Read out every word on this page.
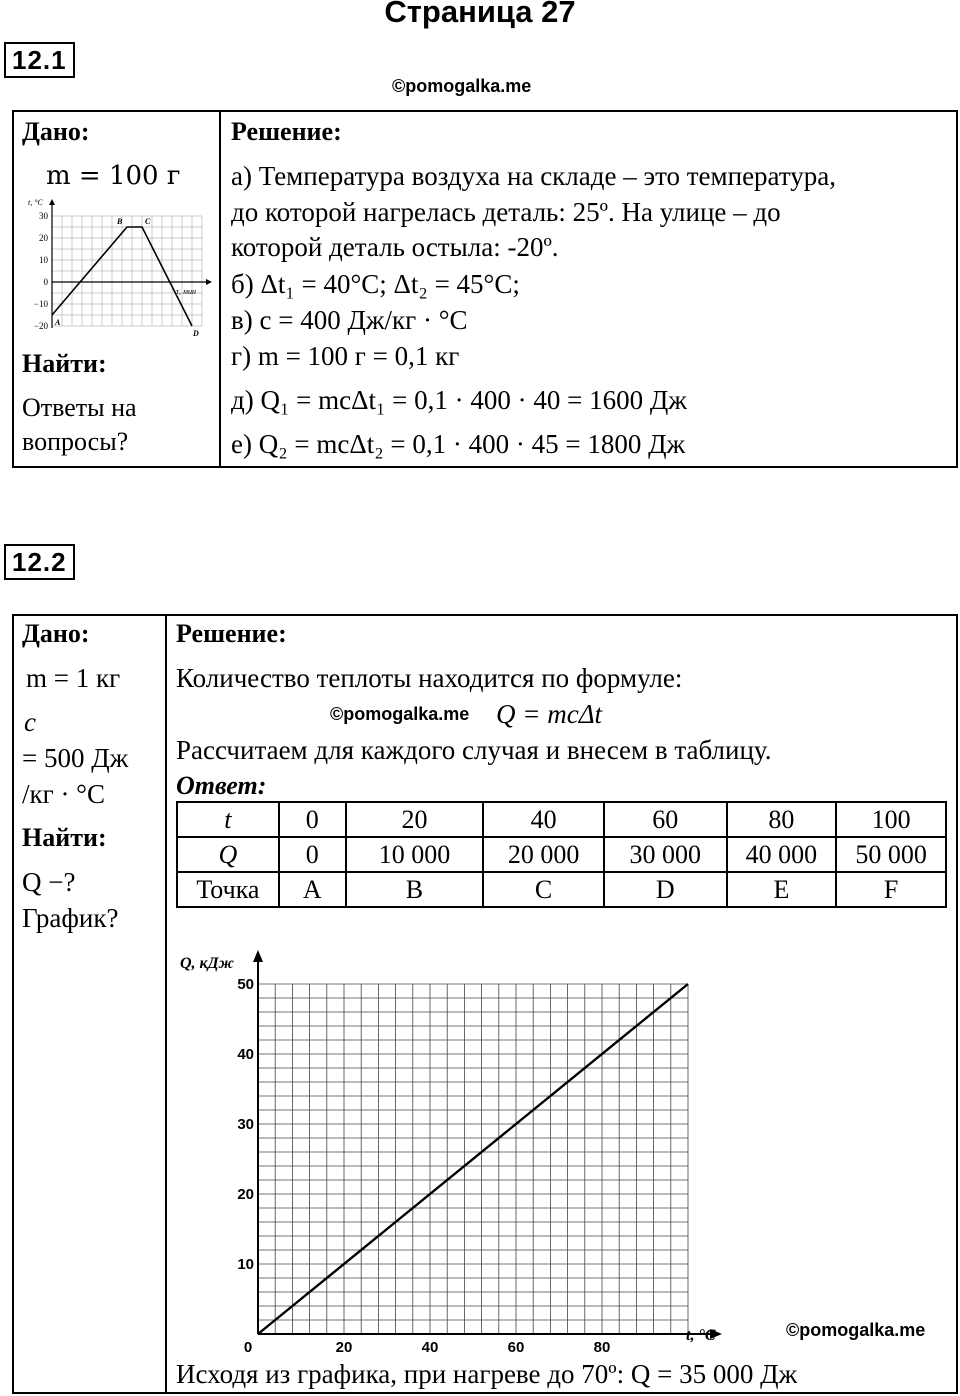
Страница 27
12.1
©pomogalka.me
Дано:
m = 100 г
30
20
10
0
−10
−20 A
B	C
D
t, °C
τ, мин
Найти:
Ответы на
вопросы?
Решение:
а) Температура воздуха на складе – это температура,
до которой нагрелась деталь: 25º. На улице – до
которой деталь остыла: -20º.
б) Δt₁ = 40°C; Δt₂ = 45°C;
в) c = 400 Дж/кг · °C
г) m = 100 г = 0,1 кг
д) Q₁ = mcΔt₁ = 0,1 · 400 · 40 = 1600 Дж
е) Q₂ = mcΔt₂ = 0,1 · 400 · 45 = 1800 Дж
12.2
Дано:
m = 1 кг
c
= 500 Дж
/кг · °C
Найти:
Q −?
График?
Решение:
Количество теплоты находится по формуле:
©pomogalka.me Q = mcΔt
Рассчитаем для каждого случая и внесем в таблицу.
Ответ:
t	0	20	40	60	80	100
Q	0	10 000	20 000	30 000	40 000	50 000
Точка	A	B	C	D	E	F
0	20	40	60	80
10
20
30
40
50
Q, кДж
t, °C	©pomogalka.me
Исходя из графика, при нагреве до 70º: Q = 35 000 Дж
